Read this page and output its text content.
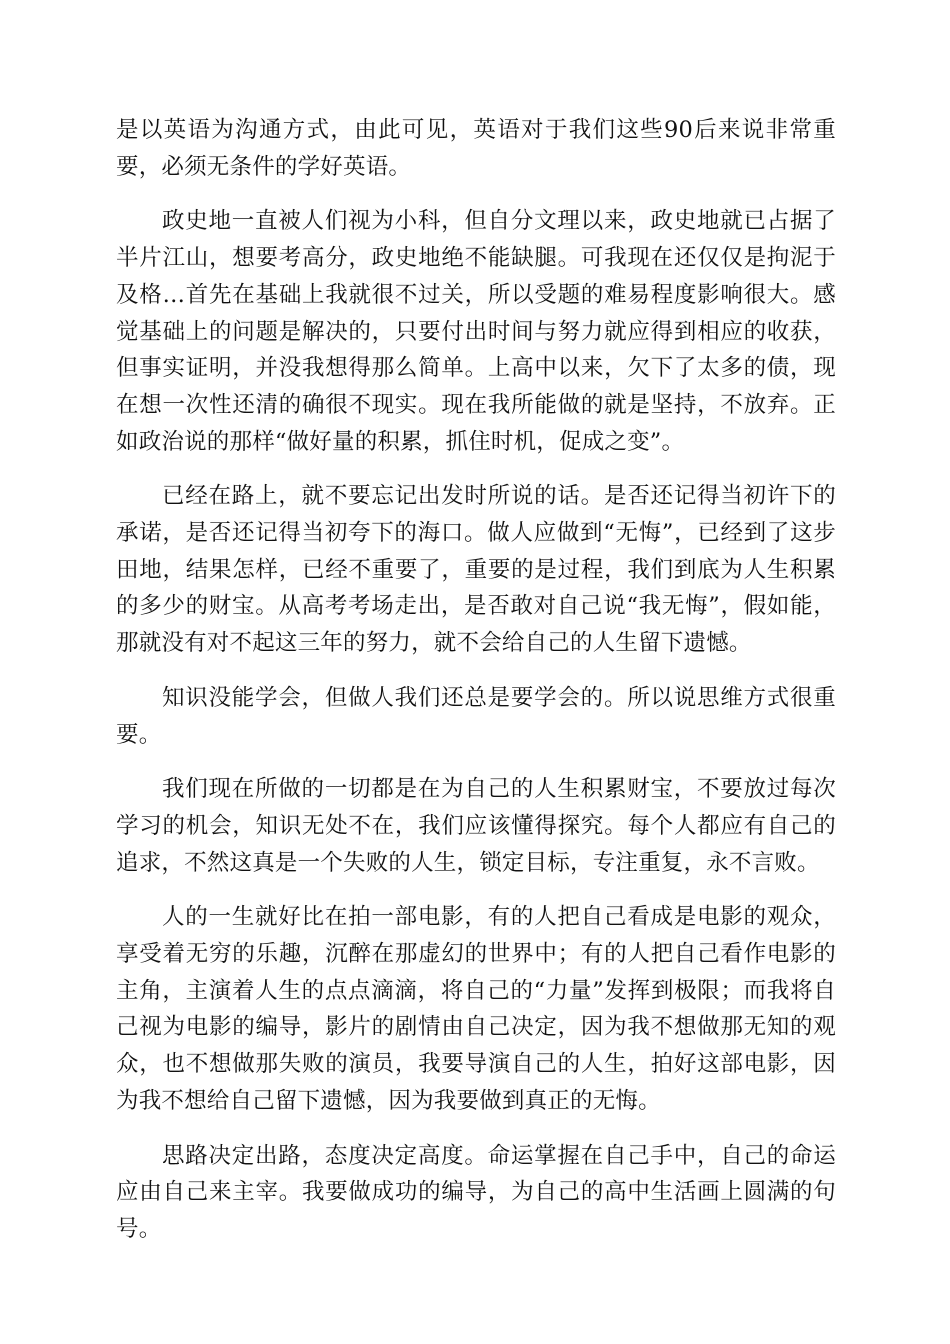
是以英语为沟通方式，由此可见，英语对于我们这些90后来说非常重要，必须无条件的学好英语。

政史地一直被人们视为小科，但自分文理以来，政史地就已占据了半片江山，想要考高分，政史地绝不能缺腿。可我现在还仅仅是拘泥于及格…首先在基础上我就很不过关，所以受题的难易程度影响很大。感觉基础上的问题是解决的，只要付出时间与努力就应得到相应的收获，但事实证明，并没我想得那么简单。上高中以来，欠下了太多的债，现在想一次性还清的确很不现实。现在我所能做的就是坚持，不放弃。正如政治说的那样“做好量的积累，抓住时机，促成之变”。

已经在路上，就不要忘记出发时所说的话。是否还记得当初许下的承诺，是否还记得当初夸下的海口。做人应做到“无悔”，已经到了这步田地，结果怎样，已经不重要了，重要的是过程，我们到底为人生积累的多少的财宝。从高考考场走出，是否敢对自己说“我无悔”，假如能，那就没有对不起这三年的努力，就不会给自己的人生留下遗憾。

知识没能学会，但做人我们还总是要学会的。所以说思维方式很重要。

我们现在所做的一切都是在为自己的人生积累财宝，不要放过每次学习的机会，知识无处不在，我们应该懂得探究。每个人都应有自己的追求，不然这真是一个失败的人生，锁定目标，专注重复，永不言败。

人的一生就好比在拍一部电影，有的人把自己看成是电影的观众，享受着无穷的乐趣，沉醉在那虚幻的世界中；有的人把自己看作电影的主角，主演着人生的点点滴滴，将自己的“力量”发挥到极限；而我将自己视为电影的编导，影片的剧情由自己决定，因为我不想做那无知的观众，也不想做那失败的演员，我要导演自己的人生，拍好这部电影，因为我不想给自己留下遗憾，因为我要做到真正的无悔。

思路决定出路，态度决定高度。命运掌握在自己手中，自己的命运应由自己来主宰。我要做成功的编导，为自己的高中生活画上圆满的句号。
